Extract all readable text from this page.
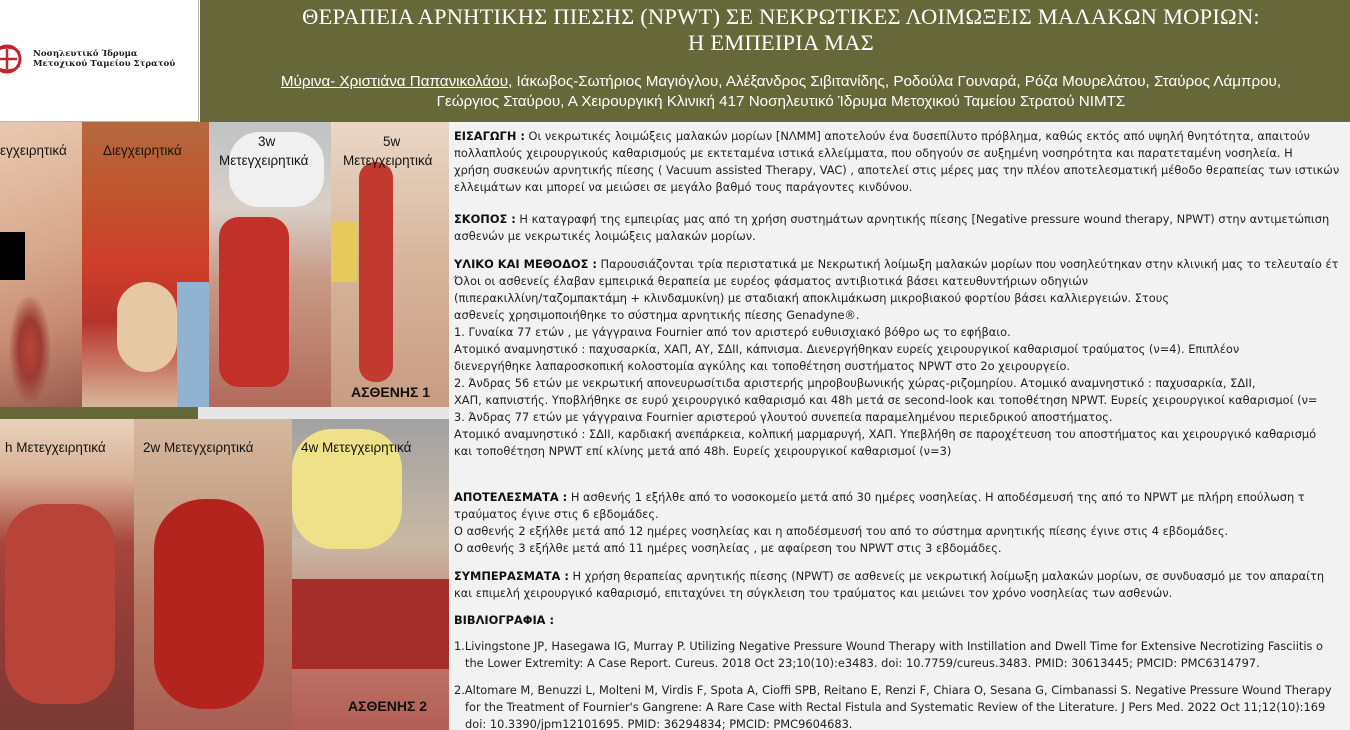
Νοσηλευτικό Ίδρυμα
Μετοχικού Ταμείου Στρατού
ΘΕΡΑΠΕΙΑ ΑΡΝΗΤΙΚΗΣ ΠΙΕΣΗΣ (NPWT) ΣΕ ΝΕΚΡΩΤΙΚΕΣ ΛΟΙΜΩΞΕΙΣ ΜΑΛΑΚΩΝ ΜΟΡΙΩΝ:
Η ΕΜΠΕΙΡΙΑ ΜΑΣ
Μύρινα- Χριστιάνα Παπανικολάου, Ιάκωβος-Σωτήριος Μαγιόγλου, Αλέξανδρος Σιβιτανίδης, Ροδούλα Γουναρά, Ρόζα Μουρελάτου, Σταύρος Λάμπρου,
Γεώργιος Σταύρου, Α Χειρουργική Κλινική 417 Νοσηλευτικό Ίδρυμα Μετοχικού Ταμείου Στρατού ΝΙΜΤΣ
εγχειρητικά	Διεγχειρητικά
3w
Μετεγχειρητικά
5w
Μετεγχειρητικά
ΑΣΘΕΝΗΣ 1
h Μετεγχειρητικά	2w Μετεγχειρητικά	4w Μετεγχειρητικά
ΑΣΘΕΝΗΣ 2
ΕΙΣΑΓΩΓΗ : Οι νεκρωτικές λοιμώξεις μαλακών μορίων [ΝΛΜΜ] αποτελούν ένα δυσεπίλυτο πρόβλημα, καθώς εκτός από υψηλή θνητότητα, απαιτούν
πολλαπλούς χειρουργικούς καθαρισμούς με εκτεταμένα ιστικά ελλείμματα, που οδηγούν σε αυξημένη νοσηρότητα και παρατεταμένη νοσηλεία. Η
χρήση συσκευών αρνητικής πίεσης ( Vacuum assisted Therapy, VAC) , αποτελεί στις μέρες μας την πλέον αποτελεσματική μέθοδο θεραπείας των ιστικών
ελλειμάτων και μπορεί να μειώσει σε μεγάλο βαθμό τους παράγοντες κινδύνου.
ΣΚΟΠΟΣ : Η καταγραφή της εμπειρίας μας από τη χρήση συστημάτων αρνητικής πίεσης [Negative pressure wound therapy, NPWT) στην αντιμετώπιση
ασθενών με νεκρωτικές λοιμώξεις μαλακών μορίων.
ΥΛΙΚΟ ΚΑΙ ΜΕΘΟΔΟΣ : Παρουσιάζονται τρία περιστατικά με Νεκρωτική λοίμωξη μαλακών μορίων που νοσηλεύτηκαν στην κλινική μας το τελευταίο έτ
Όλοι οι ασθενείς έλαβαν εμπειρικά θεραπεία με ευρέος φάσματος αντιβιοτικά βάσει κατευθυντήριων οδηγιών
(πιπερακιλλίνη/ταζομπακτάμη + κλινδαμυκίνη) με σταδιακή αποκλιμάκωση μικροβιακού φορτίου βάσει καλλιεργειών. Στους
ασθενείς χρησιμοποιήθηκε το σύστημα αρνητικής πίεσης Genadyne®.
1. Γυναίκα 77 ετών , με γάγγραινα Fournier από τον αριστερό ευθυισχιακό βόθρο ως το εφήβαιο.
Ατομικό αναμνηστικό : παχυσαρκία, ΧΑΠ, ΑΥ, ΣΔΙΙ, κάπνισμα. Διενεργήθηκαν ευρείς χειρουργικοί καθαρισμοί τραύματος (ν=4). Επιπλέον
διενεργήθηκε λαπαροσκοπική κολοστομία αγκύλης και τοποθέτηση συστήματος NPWT στο 2ο χειρουργείο.
2. Άνδρας 56 ετών με νεκρωτική απονευρωσίτιδα αριστερής μηροβουβωνικής χώρας-ριζομηρίου. Ατομικό αναμνηστικό : παχυσαρκία, ΣΔΙΙ,
ΧΑΠ, καπνιστής. Υποβλήθηκε σε ευρύ χειρουργικό καθαρισμό και 48h μετά σε second-look και τοποθέτηση NPWT. Ευρείς χειρουργικοί καθαρισμοί (ν=
3. Άνδρας 77 ετών με γάγγραινα Fournier αριστερού γλουτού συνεπεία παραμελημένου περιεδρικού αποστήματος.
Ατομικό αναμνηστικό : ΣΔΙΙ, καρδιακή ανεπάρκεια, κολπική μαρμαρυγή, ΧΑΠ. Υπεβλήθη σε παροχέτευση του αποστήματος και χειρουργικό καθαρισμό
και τοποθέτηση NPWT επί κλίνης μετά από 48h. Ευρείς χειρουργικοί καθαρισμοί (ν=3)
ΑΠΟΤΕΛΕΣΜΑΤΑ : Η ασθενής 1 εξήλθε από το νοσοκομείο μετά από 30 ημέρες νοσηλείας. Η αποδέσμευσή της από το NPWT με πλήρη επούλωση τ
τραύματος έγινε στις 6 εβδομάδες.
Ο ασθενής 2 εξήλθε μετά από 12 ημέρες νοσηλείας και η αποδέσμευσή του από το σύστημα αρνητικής πίεσης έγινε στις 4 εβδομάδες.
Ο ασθενής 3 εξήλθε μετά από 11 ημέρες νοσηλείας , με αφαίρεση του NPWT στις 3 εβδομάδες.
ΣΥΜΠΕΡΑΣΜΑΤΑ : Η χρήση θεραπείας αρνητικής πίεσης (NPWT) σε ασθενείς με νεκρωτική λοίμωξη μαλακών μορίων, σε συνδυασμό με τον απαραίτη
και επιμελή χειρουργικό καθαρισμό, επιταχύνει τη σύγκλειση του τραύματος και μειώνει τον χρόνο νοσηλείας των ασθενών.
ΒΙΒΛΙΟΓΡΑΦΙΑ :
1.Livingstone JP, Hasegawa IG, Murray P. Utilizing Negative Pressure Wound Therapy with Instillation and Dwell Time for Extensive Necrotizing Fasciitis o
the Lower Extremity: A Case Report. Cureus. 2018 Oct 23;10(10):e3483. doi: 10.7759/cureus.3483. PMID: 30613445; PMCID: PMC6314797.
2.Altomare M, Benuzzi L, Molteni M, Virdis F, Spota A, Cioffi SPB, Reitano E, Renzi F, Chiara O, Sesana G, Cimbanassi S. Negative Pressure Wound Therapy
for the Treatment of Fournier's Gangrene: A Rare Case with Rectal Fistula and Systematic Review of the Literature. J Pers Med. 2022 Oct 11;12(10):169
doi: 10.3390/jpm12101695. PMID: 36294834; PMCID: PMC9604683.
